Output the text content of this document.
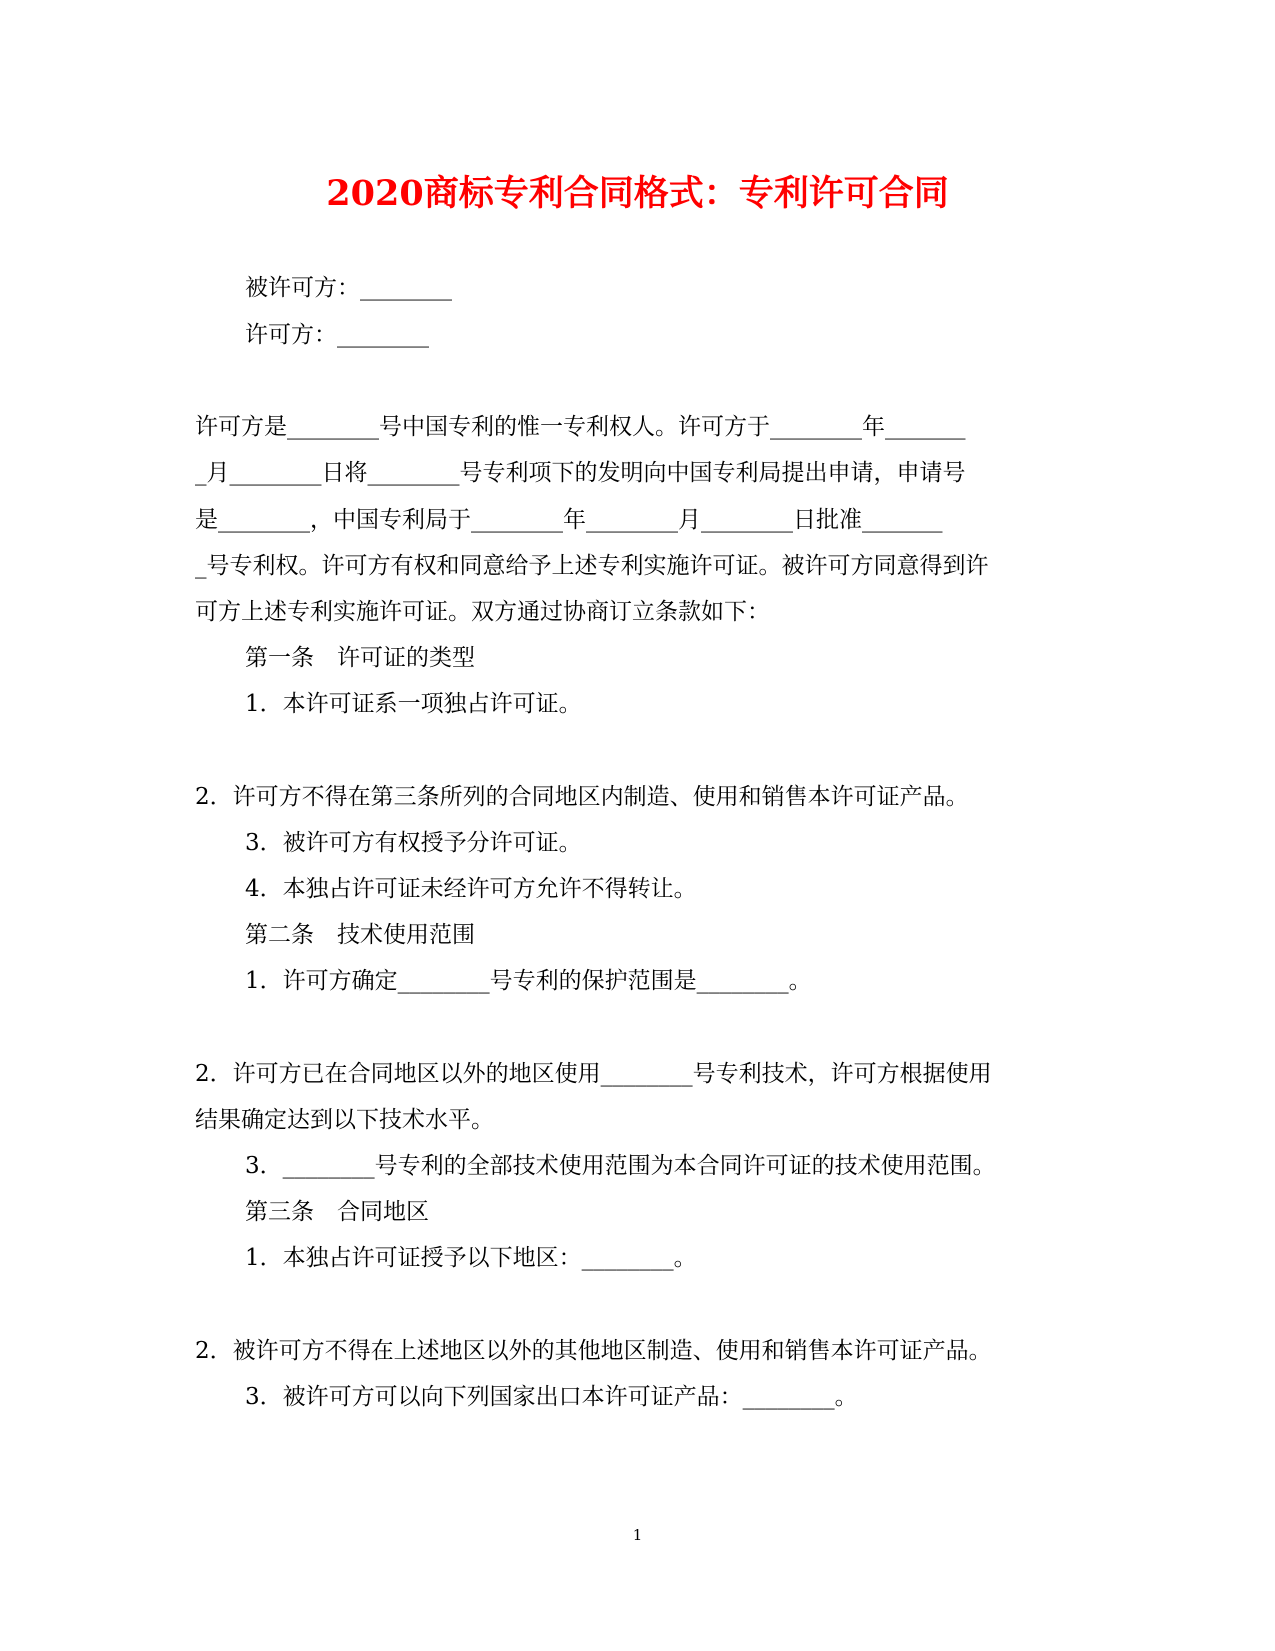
2020商标专利合同格式：专利许可合同
被许可方：________
许可方：________
许可方是________号中国专利的惟一专利权人。许可方于________年_______
_月________日将________号专利项下的发明向中国专利局提出申请，申请号
是________，中国专利局于________年________月________日批准_______
_号专利权。许可方有权和同意给予上述专利实施许可证。被许可方同意得到许
可方上述专利实施许可证。双方通过协商订立条款如下：
第一条　许可证的类型
1．本许可证系一项独占许可证。
2．许可方不得在第三条所列的合同地区内制造、使用和销售本许可证产品。
3．被许可方有权授予分许可证。
4．本独占许可证未经许可方允许不得转让。
第二条　技术使用范围
1．许可方确定________号专利的保护范围是________。
2．许可方已在合同地区以外的地区使用________号专利技术，许可方根据使用
结果确定达到以下技术水平。
3．________号专利的全部技术使用范围为本合同许可证的技术使用范围。
第三条　合同地区
1．本独占许可证授予以下地区：________。
2．被许可方不得在上述地区以外的其他地区制造、使用和销售本许可证产品。
3．被许可方可以向下列国家出口本许可证产品：________。
1
